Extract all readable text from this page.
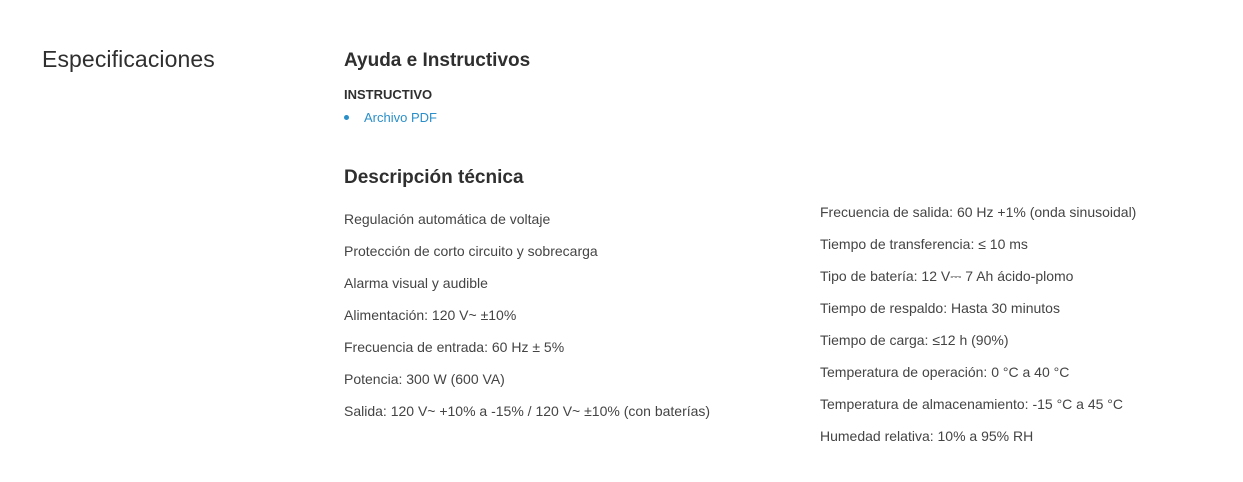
Especificaciones	Ayuda e Instructivos
INSTRUCTIVO
Archivo PDF
Descripción técnica
Regulación automática de voltaje
Protección de corto circuito y sobrecarga
Alarma visual y audible
Alimentación: 120 V~ ±10%
Frecuencia de entrada: 60 Hz ± 5%
Potencia: 300 W (600 VA)
Salida: 120 V~ +10% a -15% / 120 V~ ±10% (con baterías)
Frecuencia de salida: 60 Hz +1% (onda sinusoidal)
Tiempo de transferencia: ≤ 10 ms
Tipo de batería: 12 V⎓ 7 Ah ácido-plomo
Tiempo de respaldo: Hasta 30 minutos
Tiempo de carga: ≤12 h (90%)
Temperatura de operación: 0 °C a 40 °C
Temperatura de almacenamiento: -15 °C a 45 °C
Humedad relativa: 10% a 95% RH
